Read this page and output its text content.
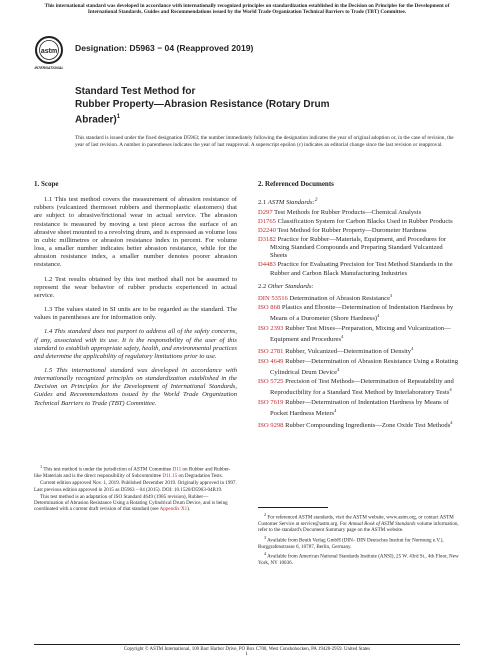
This international standard was developed in accordance with internationally recognized principles on standardization established in the Decision on Principles for the Development of International Standards, Guides and Recommendations issued by the World Trade Organization Technical Barriers to Trade (TBT) Committee.
astm
INTERNATIONAL
Designation: D5963 − 04 (Reapproved 2019)
Standard Test Method for
Rubber Property—Abrasion Resistance (Rotary Drum
Abrader)$^1$
This standard is issued under the fixed designation D5963; the number immediately following the designation indicates the year of original adoption or, in the case of revision, the year of last revision. A number in parentheses indicates the year of last reapproval. A superscript epsilon (ε) indicates an editorial change since the last revision or reapproval.
1. Scope

1.1 This test method covers the measurement of abrasion resistance of rubbers (vulcanized thermoset rubbers and thermoplastic elastomers) that are subject to abrasive/frictional wear in actual service. The abrasion resistance is measured by moving a test piece across the surface of an abrasive sheet mounted to a revolving drum, and is expressed as volume loss in cubic millimetres or abrasion resistance index in percent. For volume loss, a smaller number indicates better abrasion resistance, while for the abrasion resistance index, a smaller number denotes poorer abrasion resistance.

1.2 Test results obtained by this test method shall not be assumed to represent the wear behavior of rubber products experienced in actual service.

1.3 The values stated in SI units are to be regarded as the standard. The values in parentheses are for information only.

1.4 This standard does not purport to address all of the safety concerns, if any, associated with its use. It is the responsibility of the user of this standard to establish appropriate safety, health, and environmental practices and determine the applicability of regulatory limitations prior to use.

1.5 This international standard was developed in accordance with internationally recognized principles on standardization established in the Decision on Principles for the Development of International Standards, Guides and Recommendations issued by the World Trade Organization Technical Barriers to Trade (TBT) Committee.

2. Referenced Documents
2.1 ASTM Standards:$^2$
D297 Test Methods for Rubber Products—Chemical Analysis
D1765 Classification System for Carbon Blacks Used in Rubber Products
D2240 Test Method for Rubber Property—Durometer Hardness
D3182 Practice for Rubber—Materials, Equipment, and Procedures for Mixing Standard Compounds and Preparing Standard Vulcanized Sheets
D4483 Practice for Evaluating Precision for Test Method Standards in the Rubber and Carbon Black Manufacturing Industries
2.2 Other Standards:
DIN 53516 Determination of Abrasion Resistance$^3$
ISO 868 Plastics and Ebonite—Determination of Indentation Hardness by Means of a Durometer (Shore Hardness)$^4$
ISO 2393 Rubber Test Mixes—Preparation, Mixing and Vulcanization—Equipment and Procedures$^4$
ISO 2781 Rubber, Vulcanized—Determination of Density$^4$
ISO 4649 Rubber—Determination of Abrasion Resistance Using a Rotating Cylindrical Drum Device$^4$
ISO 5725 Precision of Test Methods—Determination of Repeatability and Reproducibility for a Standard Test Method by Interlaboratory Tests$^4$
ISO 7619 Rubber—Determination of Indentation Hardness by Means of Pocket Hardness Meters$^4$
ISO 9298 Rubber Compounding Ingredients—Zone Oxide Test Methods$^4$

$^1$ This test method is under the jurisdiction of ASTM Committee D11 on Rubber and Rubber-like Materials and is the direct responsibility of Subcommittee D11.15 on Degradation Tests.

Current edition approved Nov. 1, 2019. Published December 2019. Originally approved in 1997. Last previous edition approved in 2015 as D5963 – 04 (2015). DOI: 10.1520/D5963-04R19.

This test method is an adaptation of ISO Standard 4649 (1985 revision), Rubber—Determination of Abrasion Resistance Using a Rotating Cylindrical Drum Device, and is being coordinated with a current draft revision of that standard (see Appendix X1).

$^2$ For referenced ASTM standards, visit the ASTM website, www.astm.org, or contact ASTM Customer Service at service@astm.org. For Annual Book of ASTM Standards volume information, refer to the standard's Document Summary page on the ASTM website.

$^3$ Available from Beuth Verlag GmbH (DIN– DIN Deutsches Institut fur Normung e.V.), Burggrafenstrasse 6, 10787, Berlin, Germany.

$^4$ Available from American National Standards Institute (ANSI), 25 W. 43rd St., 4th Floor, New York, NY 10036.

Copyright © ASTM International, 100 Barr Harbor Drive, PO Box C700, West Conshohocken, PA 19428-2959. United States
1
